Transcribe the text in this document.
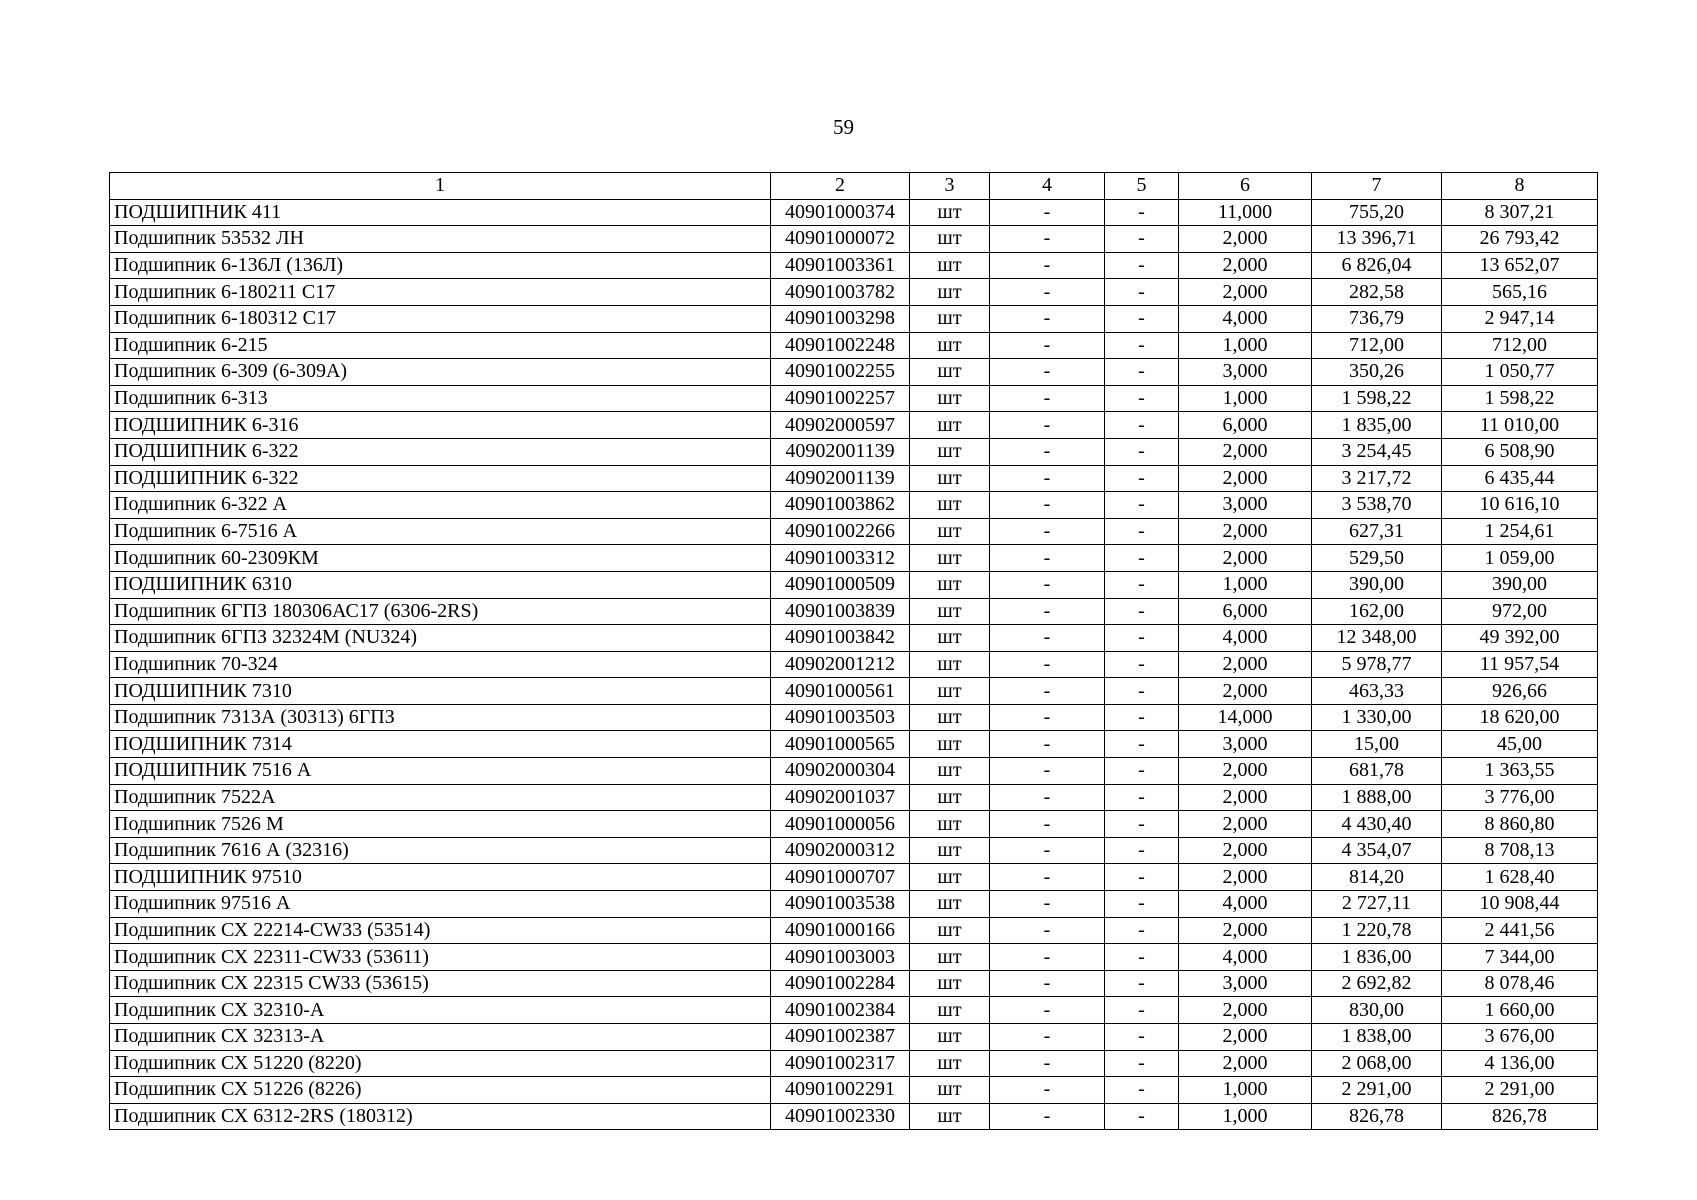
59
1	2	3	4	5	6	7	8
ПОДШИПНИК 411	40901000374	шт	-	-	11,000	755,20	8 307,21
Подшипник 53532 ЛН	40901000072	шт	-	-	2,000	13 396,71	26 793,42
Подшипник 6-136Л (136Л)	40901003361	шт	-	-	2,000	6 826,04	13 652,07
Подшипник 6-180211 С17	40901003782	шт	-	-	2,000	282,58	565,16
Подшипник 6-180312 С17	40901003298	шт	-	-	4,000	736,79	2 947,14
Подшипник 6-215	40901002248	шт	-	-	1,000	712,00	712,00
Подшипник 6-309 (6-309А)	40901002255	шт	-	-	3,000	350,26	1 050,77
Подшипник 6-313	40901002257	шт	-	-	1,000	1 598,22	1 598,22
ПОДШИПНИК 6-316	40902000597	шт	-	-	6,000	1 835,00	11 010,00
ПОДШИПНИК 6-322	40902001139	шт	-	-	2,000	3 254,45	6 508,90
ПОДШИПНИК 6-322	40902001139	шт	-	-	2,000	3 217,72	6 435,44
Подшипник 6-322 А	40901003862	шт	-	-	3,000	3 538,70	10 616,10
Подшипник 6-7516 А	40901002266	шт	-	-	2,000	627,31	1 254,61
Подшипник 60-2309КМ	40901003312	шт	-	-	2,000	529,50	1 059,00
ПОДШИПНИК 6310	40901000509	шт	-	-	1,000	390,00	390,00
Подшипник 6ГПЗ 180306АС17 (6306-2RS)	40901003839	шт	-	-	6,000	162,00	972,00
Подшипник 6ГПЗ 32324М (NU324)	40901003842	шт	-	-	4,000	12 348,00	49 392,00
Подшипник 70-324	40902001212	шт	-	-	2,000	5 978,77	11 957,54
ПОДШИПНИК 7310	40901000561	шт	-	-	2,000	463,33	926,66
Подшипник 7313А (30313) 6ГПЗ	40901003503	шт	-	-	14,000	1 330,00	18 620,00
ПОДШИПНИК 7314	40901000565	шт	-	-	3,000	15,00	45,00
ПОДШИПНИК 7516 А	40902000304	шт	-	-	2,000	681,78	1 363,55
Подшипник 7522А	40902001037	шт	-	-	2,000	1 888,00	3 776,00
Подшипник 7526 М	40901000056	шт	-	-	2,000	4 430,40	8 860,80
Подшипник 7616 А (32316)	40902000312	шт	-	-	2,000	4 354,07	8 708,13
ПОДШИПНИК 97510	40901000707	шт	-	-	2,000	814,20	1 628,40
Подшипник 97516 А	40901003538	шт	-	-	4,000	2 727,11	10 908,44
Подшипник СХ 22214-CW33 (53514)	40901000166	шт	-	-	2,000	1 220,78	2 441,56
Подшипник СХ 22311-CW33 (53611)	40901003003	шт	-	-	4,000	1 836,00	7 344,00
Подшипник СХ 22315 CW33 (53615)	40901002284	шт	-	-	3,000	2 692,82	8 078,46
Подшипник СХ 32310-А	40901002384	шт	-	-	2,000	830,00	1 660,00
Подшипник СХ 32313-А	40901002387	шт	-	-	2,000	1 838,00	3 676,00
Подшипник СХ 51220 (8220)	40901002317	шт	-	-	2,000	2 068,00	4 136,00
Подшипник СХ 51226 (8226)	40901002291	шт	-	-	1,000	2 291,00	2 291,00
Подшипник СХ 6312-2RS (180312)	40901002330	шт	-	-	1,000	826,78	826,78
